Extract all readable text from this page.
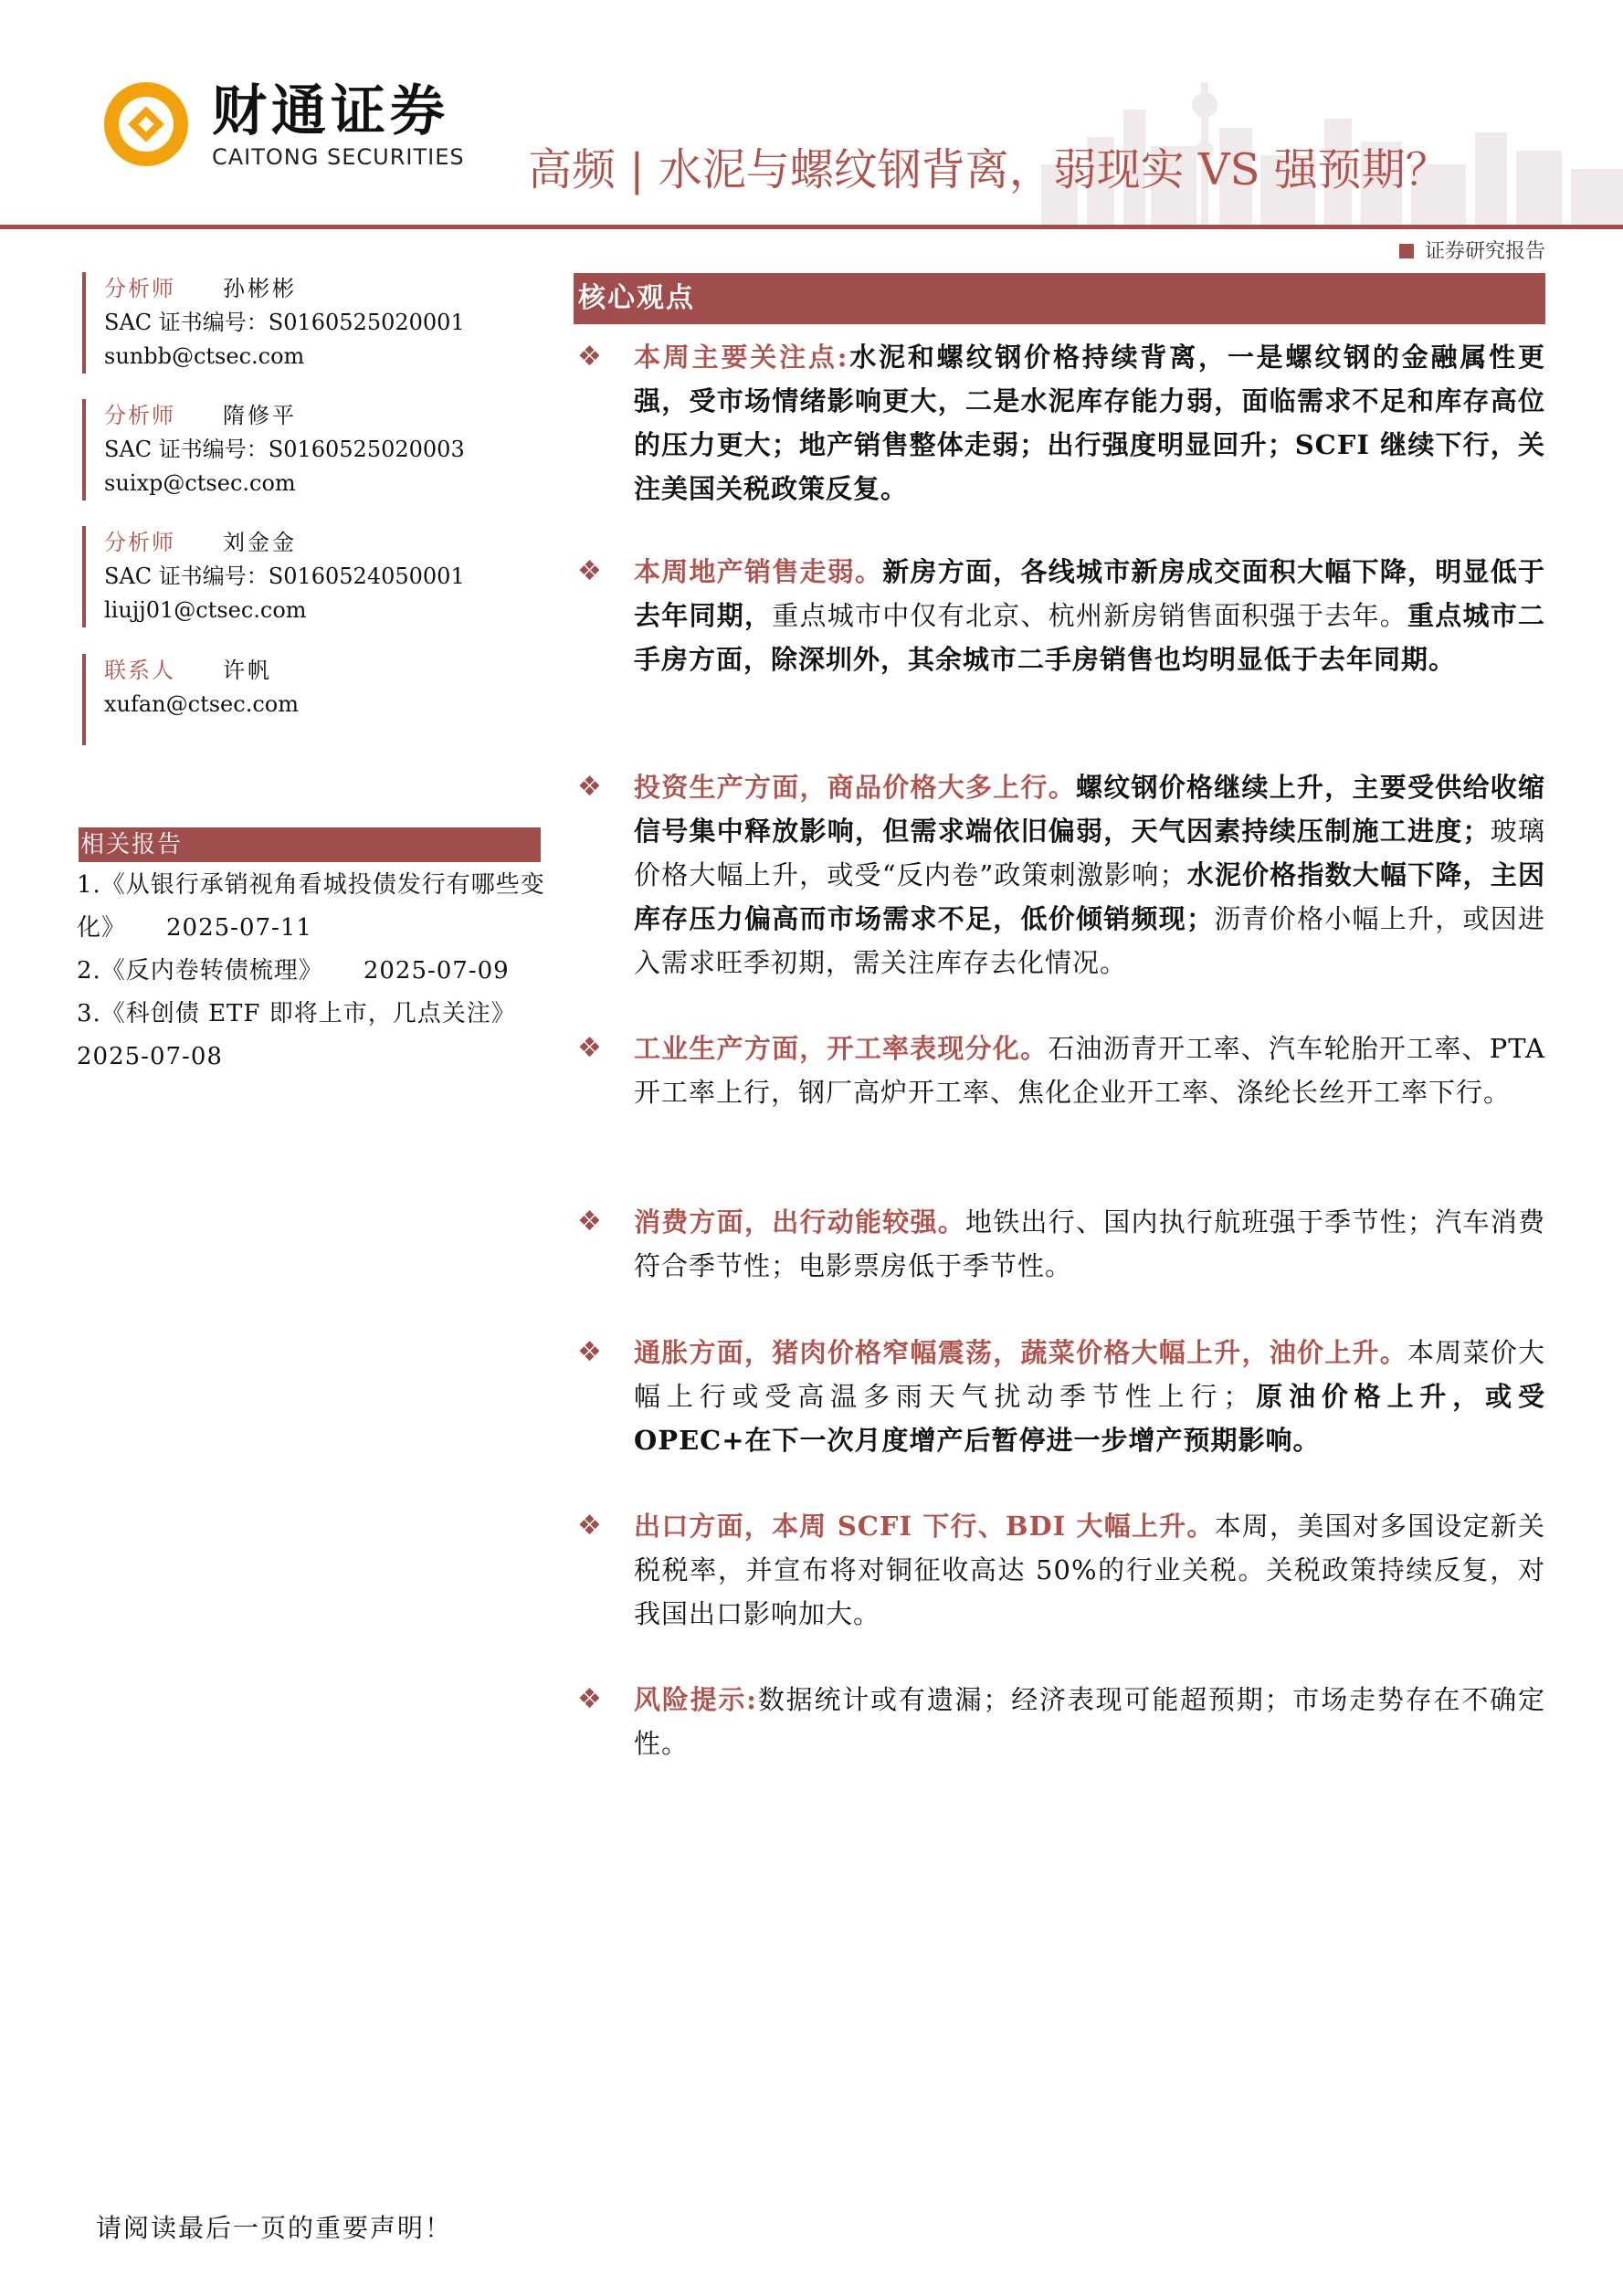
财通证券
CAITONG SECURITIES 高频 | 水泥与螺纹钢背离，弱现实 VS 强预期？
证券研究报告
分析师 孙彬彬
SAC 证书编号：S0160525020001
sunbb@ctsec.com
分析师 隋修平
SAC 证书编号：S0160525020003
suixp@ctsec.com
分析师 刘金金
SAC 证书编号：S0160524050001
liujj01@ctsec.com
联系人 许帆
xufan@ctsec.com
相关报告
1.《从银行承销视角看城投债发行有哪些变化》 2025-07-11
2.《反内卷转债梳理》 2025-07-09
3.《科创债 ETF 即将上市，几点关注》 2025-07-08
核心观点
❖ 本周主要关注点:水泥和螺纹钢价格持续背离，一是螺纹钢的金融属性更强，受市场情绪影响更大，二是水泥库存能力弱，面临需求不足和库存高位的压力更大；地产销售整体走弱；出行强度明显回升；SCFI 继续下行，关注美国关税政策反复。
❖ 本周地产销售走弱。新房方面，各线城市新房成交面积大幅下降，明显低于去年同期，重点城市中仅有北京、杭州新房销售面积强于去年。重点城市二手房方面，除深圳外，其余城市二手房销售也均明显低于去年同期。
❖ 投资生产方面，商品价格大多上行。螺纹钢价格继续上升，主要受供给收缩信号集中释放影响，但需求端依旧偏弱，天气因素持续压制施工进度；玻璃价格大幅上升，或受“反内卷”政策刺激影响；水泥价格指数大幅下降，主因库存压力偏高而市场需求不足，低价倾销频现；沥青价格小幅上升，或因进入需求旺季初期，需关注库存去化情况。
❖ 工业生产方面，开工率表现分化。石油沥青开工率、汽车轮胎开工率、PTA 开工率上行，钢厂高炉开工率、焦化企业开工率、涤纶长丝开工率下行。
❖ 消费方面，出行动能较强。地铁出行、国内执行航班强于季节性；汽车消费符合季节性；电影票房低于季节性。
❖ 通胀方面，猪肉价格窄幅震荡，蔬菜价格大幅上升，油价上升。本周菜价大幅上行或受高温多雨天气扰动季节性上行；原油价格上升，或受 OPEC+在下一次月度增产后暂停进一步增产预期影响。
❖ 出口方面，本周 SCFI 下行、BDI 大幅上升。本周，美国对多国设定新关税税率，并宣布将对铜征收高达 50%的行业关税。关税政策持续反复，对我国出口影响加大。
❖ 风险提示:数据统计或有遗漏；经济表现可能超预期；市场走势存在不确定性。
请阅读最后一页的重要声明！
